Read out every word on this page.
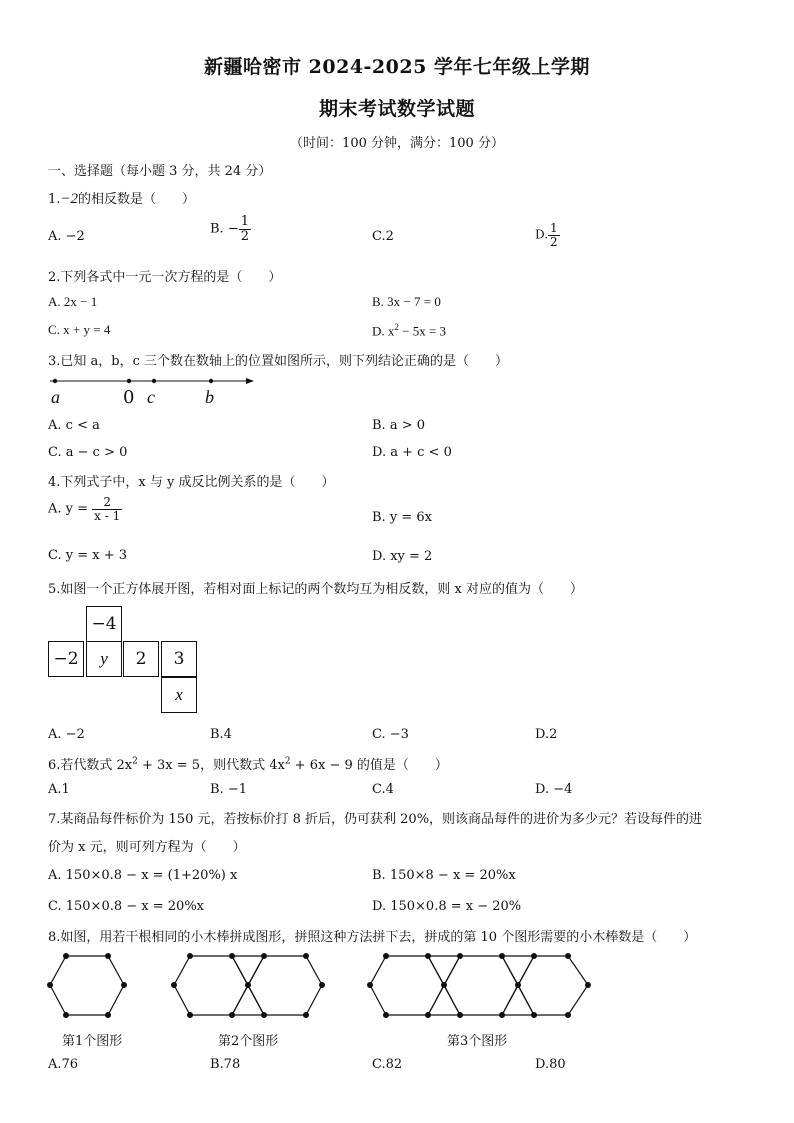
新疆哈密市 2024-2025 学年七年级上学期
期末考试数学试题
（时间：100 分钟，满分：100 分）
一、选择题（每小题 3 分，共 24 分）
1.−2的相反数是（　　）
A. −2	B. − $\frac{1}{2}$	C.2	D. $\frac{1}{2}$
2.下列各式中一元一次方程的是（　　）
A. 2x − 1	B. 3x − 7 = 0
C. x + y = 4	D. $x^2 - 5x = 3$
3.已知 a，b，c 三个数在数轴上的位置如图所示，则下列结论正确的是（　　）
a	0 c	b
A. c < a	B. a > 0
C. a − c > 0	D. a + c < 0
4.下列式子中，x 与 y 成反比例关系的是（　　）
A. $y = \frac{2}{x - 1}$	B. y = 6x
C. y = x + 3	D. xy = 2
5.如图一个正方体展开图，若相对面上标记的两个数均互为相反数，则 x 对应的值为（　　）
−4
−2	y	2	3
x
A. −2	B.4	C. −3	D.2
6.若代数式 $2x^2 + 3x = 5$，则代数式 $4x^2 + 6x - 9$ 的值是（　　）
A.1	B. −1	C.4	D. −4
7.某商品每件标价为 150 元，若按标价打 8 折后，仍可获利 20%，则该商品每件的进价为多少元？若设每件的进
价为 x 元，则可列方程为（　　）
A. 150×0.8 − x = (1+20%) x	B. 150×8 − x = 20%x
C. 150×0.8 − x = 20%x	D. 150×0.8 = x − 20%
8.如图，用若干根相同的小木棒拼成图形，拼照这种方法拼下去，拼成的第 10 个图形需要的小木棒数是（　　）
第1个图形	第2个图形	第3个图形
A.76	B.78	C.82	D.80
